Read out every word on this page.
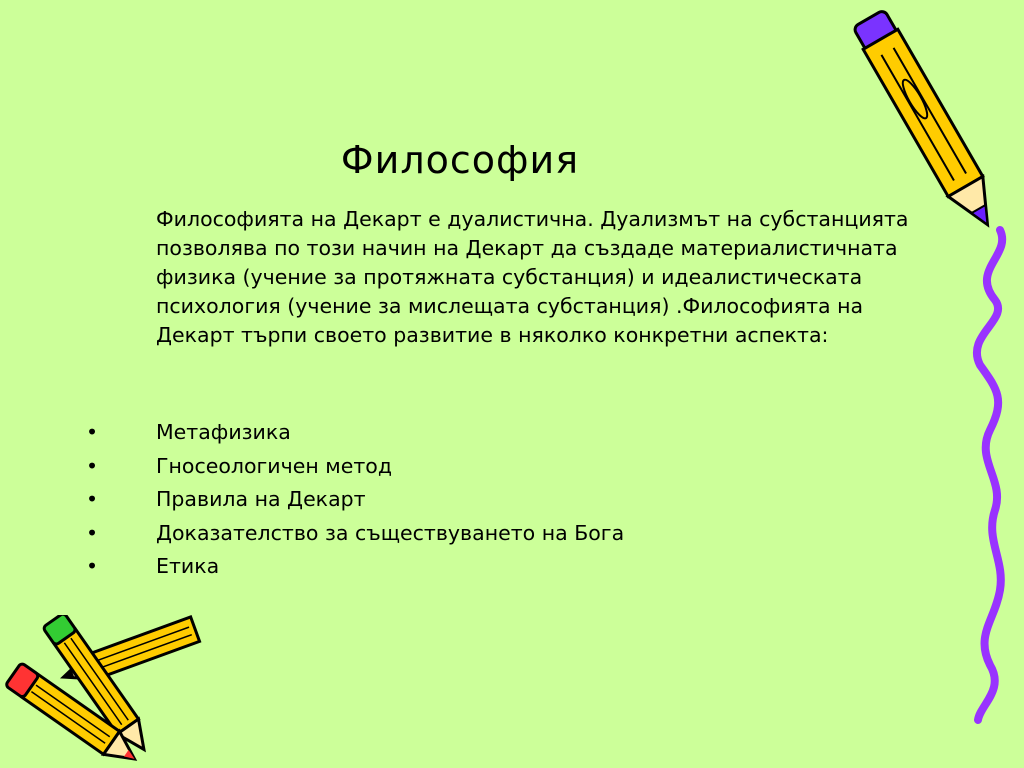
Философия
Философията на Декарт е дуалистична. Дуализмът на субстанцията позволява по този начин на Декарт да създаде материалистичната физика (учение за протяжната субстанция) и идеалистическата психология (учение за мислещата субстанция) .Философията на Декарт търпи своето развитие в няколко конкретни аспекта:
•	Метафизика
•	Гносеологичен метод
•	Правила на Декарт
•	Доказателство за съществуването на Бога
•	Етика
